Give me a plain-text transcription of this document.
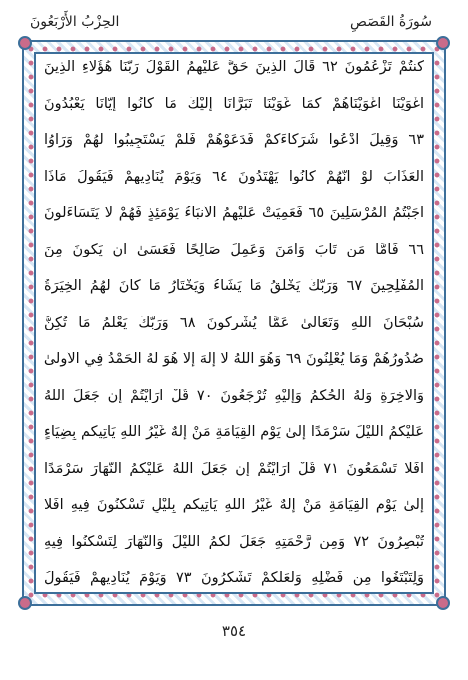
سُورَةُ القَصَصِ
الحِزْبُ الأَرْبَعُونَ
كُنتُمْ تَزْعُمُونَ ٦٢ قَالَ الَّذِينَ حَقَّ عَلَيْهِمُ الْقَوْلُ رَبَّنَا هَٰؤُلَاءِ الَّذِينَ
أَغْوَيْنَا أَغْوَيْنَاهُمْ كَمَا غَوَيْنَا تَبَرَّأْنَا إِلَيْكَ مَا كَانُوا إِيَّانَا يَعْبُدُونَ
٦٣ وَقِيلَ ادْعُوا شُرَكَاءَكُمْ فَدَعَوْهُمْ فَلَمْ يَسْتَجِيبُوا لَهُمْ وَرَأَوُا
الْعَذَابَ لَوْ أَنَّهُمْ كَانُوا يَهْتَدُونَ ٦٤ وَيَوْمَ يُنَادِيهِمْ فَيَقُولُ مَاذَا
أَجَبْتُمُ الْمُرْسَلِينَ ٦٥ فَعَمِيَتْ عَلَيْهِمُ الْأَنبَاءُ يَوْمَئِذٍ فَهُمْ لَا يَتَسَاءَلُونَ
٦٦ فَأَمَّا مَن تَابَ وَآمَنَ وَعَمِلَ صَالِحًا فَعَسَىٰ أَن يَكُونَ مِنَ
الْمُفْلِحِينَ ٦٧ وَرَبُّكَ يَخْلُقُ مَا يَشَاءُ وَيَخْتَارُ مَا كَانَ لَهُمُ الْخِيَرَةُ
سُبْحَانَ اللَّهِ وَتَعَالَىٰ عَمَّا يُشْرِكُونَ ٦٨ وَرَبُّكَ يَعْلَمُ مَا تُكِنُّ
صُدُورُهُمْ وَمَا يُعْلِنُونَ ٦٩ وَهُوَ اللَّهُ لَا إِلَٰهَ إِلَّا هُوَ لَهُ الْحَمْدُ فِي الْأُولَىٰ
وَالْآخِرَةِ وَلَهُ الْحُكْمُ وَإِلَيْهِ تُرْجَعُونَ ٧٠ قُلْ أَرَأَيْتُمْ إِن جَعَلَ اللَّهُ
عَلَيْكُمُ اللَّيْلَ سَرْمَدًا إِلَىٰ يَوْمِ الْقِيَامَةِ مَنْ إِلَٰهٌ غَيْرُ اللَّهِ يَأْتِيكُم بِضِيَاءٍ
أَفَلَا تَسْمَعُونَ ٧١ قُلْ أَرَأَيْتُمْ إِن جَعَلَ اللَّهُ عَلَيْكُمُ النَّهَارَ سَرْمَدًا
إِلَىٰ يَوْمِ الْقِيَامَةِ مَنْ إِلَٰهٌ غَيْرُ اللَّهِ يَأْتِيكُم بِلَيْلٍ تَسْكُنُونَ فِيهِ أَفَلَا
تُبْصِرُونَ ٧٢ وَمِن رَّحْمَتِهِ جَعَلَ لَكُمُ اللَّيْلَ وَالنَّهَارَ لِتَسْكُنُوا فِيهِ
وَلِتَبْتَغُوا مِن فَضْلِهِ وَلَعَلَّكُمْ تَشْكُرُونَ ٧٣ وَيَوْمَ يُنَادِيهِمْ فَيَقُولُ
٣٥٤
